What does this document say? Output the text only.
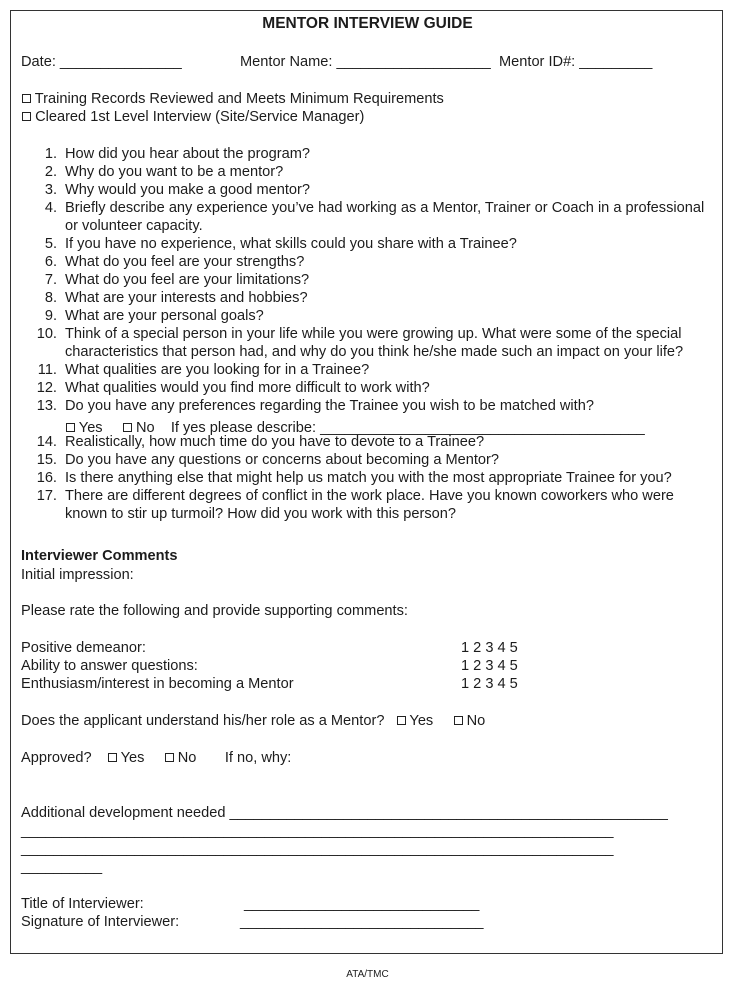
MENTOR INTERVIEW GUIDE
Date: _______________	Mentor Name: ___________________ Mentor ID#: _________
Training Records Reviewed and Meets Minimum Requirements
Cleared 1st Level Interview (Site/Service Manager)
1. How did you hear about the program?
2. Why do you want to be a mentor?
3. Why would you make a good mentor?
4. Briefly describe any experience you’ve had working as a Mentor, Trainer or Coach in a professional
or volunteer capacity.
5. If you have no experience, what skills could you share with a Trainee?
6. What do you feel are your strengths?
7. What do you feel are your limitations?
8. What are your interests and hobbies?
9. What are your personal goals?
10. Think of a special person in your life while you were growing up. What were some of the special
characteristics that person had, and why do you think he/she made such an impact on your life?
11. What qualities are you looking for in a Trainee?
12. What qualities would you find more difficult to work with?
13. Do you have any preferences regarding the Trainee you wish to be matched with?
14. Realistically, how much time do you have to devote to a Trainee?
15. Do you have any questions or concerns about becoming a Mentor?
16. Is there anything else that might help us match you with the most appropriate Trainee for you?
17. There are different degrees of conflict in the work place. Have you known coworkers who were
known to stir up turmoil? How did you work with this person?
Yes No If yes please describe: ________________________________________
Interviewer Comments
Initial impression:
Please rate the following and provide supporting comments:
Positive demeanor:	1 2 3 4 5
Ability to answer questions:	1 2 3 4 5
Enthusiasm/interest in becoming a Mentor	1 2 3 4 5
Does the applicant understand his/her role as a Mentor? Yes No
Approved? Yes No If no, why:
Additional development needed ______________________________________________________
_________________________________________________________________________
_________________________________________________________________________
__________
Title of Interviewer:	_____________________________
Signature of Interviewer:	______________________________
ATA/TMC
